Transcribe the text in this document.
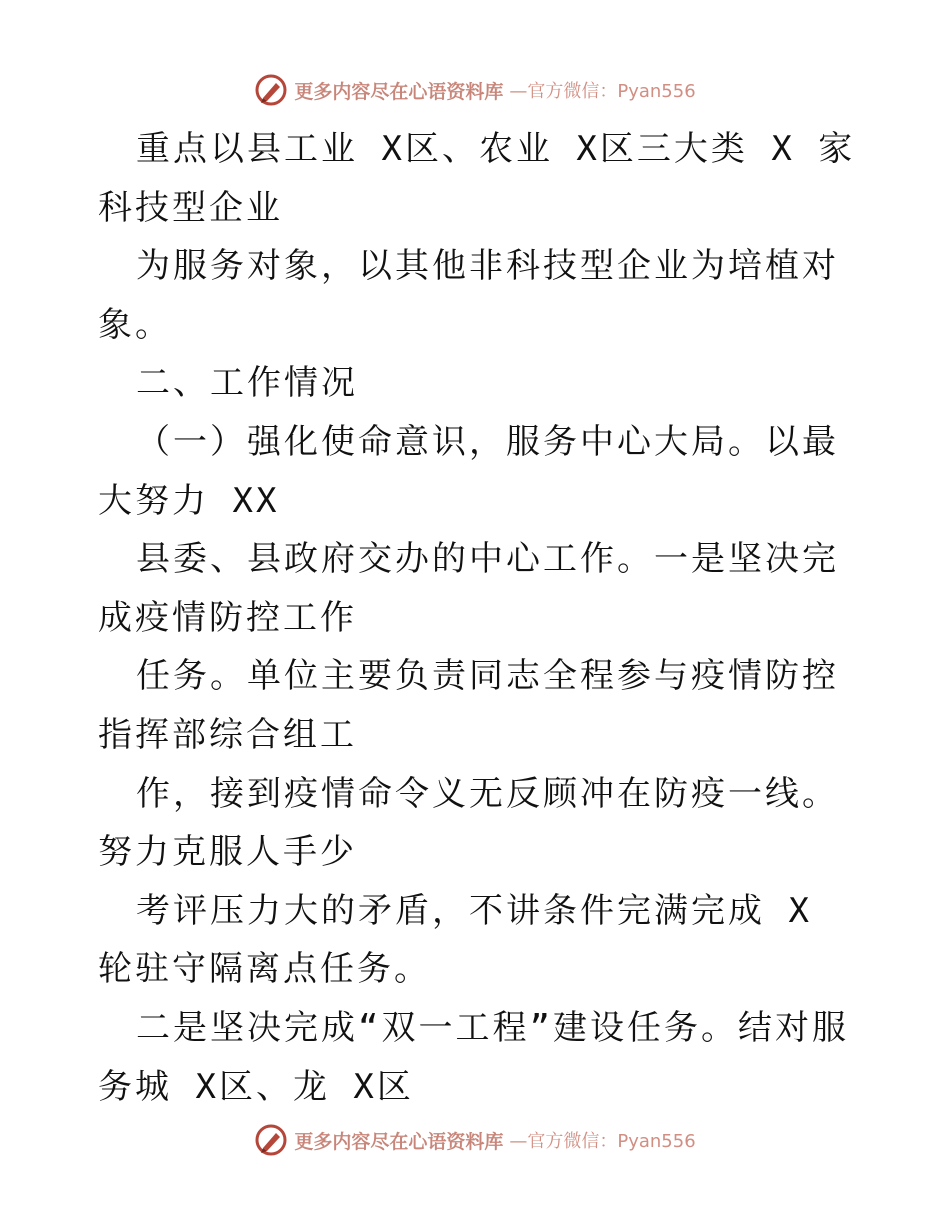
更多内容尽在心语资料库 —官方微信：Pyan556

重点以县工业 X区、农业 X区三大类 X 家科技型企业

为服务对象，以其他非科技型企业为培植对象。

二、工作情况

（一）强化使命意识，服务中心大局。以最大努力 XX

县委、县政府交办的中心工作。一是坚决完成疫情防控工作

任务。单位主要负责同志全程参与疫情防控指挥部综合组工

作，接到疫情命令义无反顾冲在防疫一线。努力克服人手少

考评压力大的矛盾，不讲条件完满完成 X 轮驻守隔离点任务。

二是坚决完成“双一工程”建设任务。结对服务城 X区、龙 X区

更多内容尽在心语资料库 —官方微信：Pyan556
